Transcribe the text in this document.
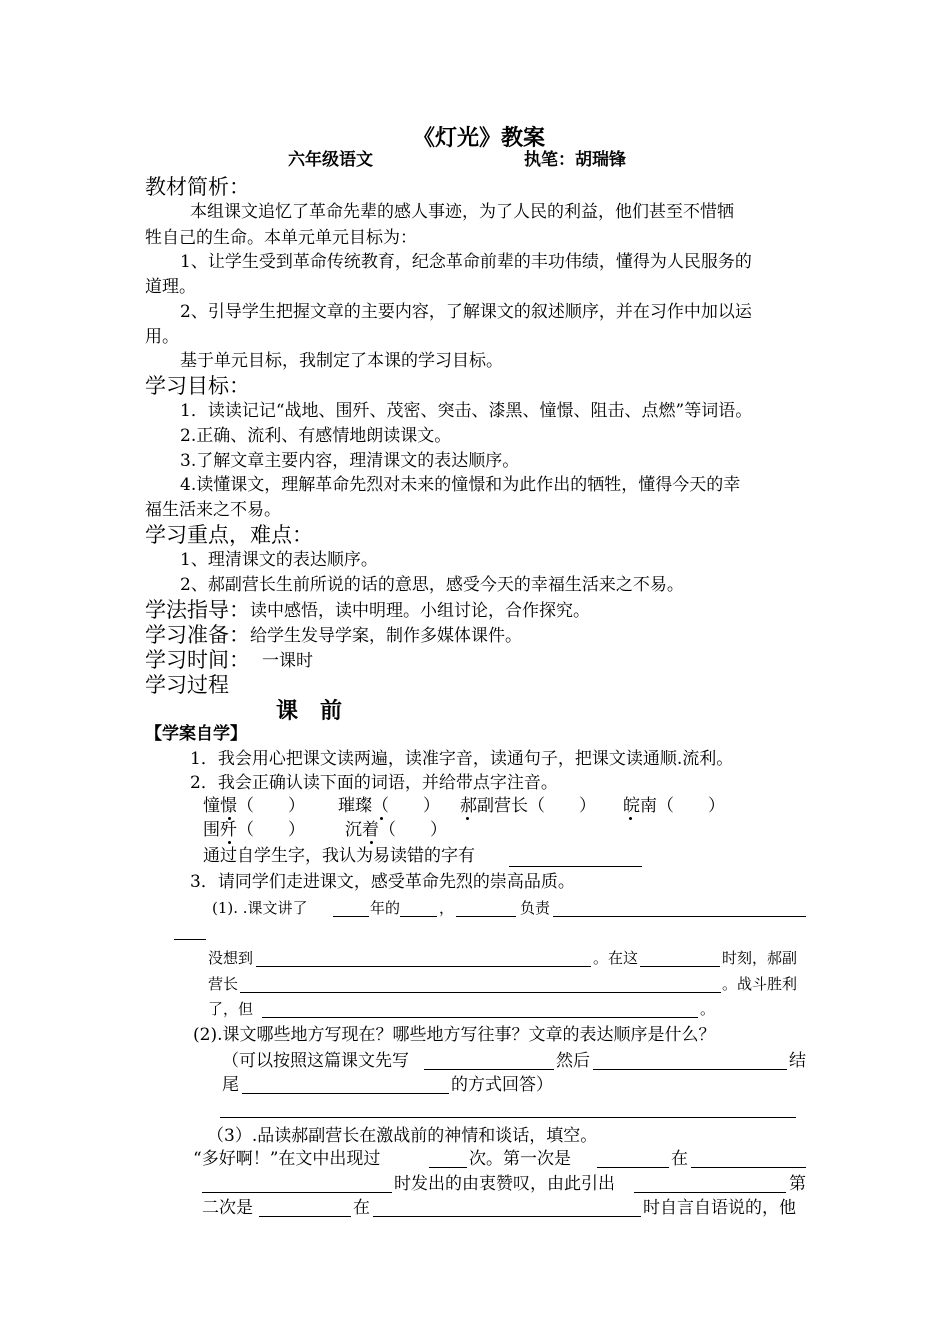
《灯光》教案
六年级语文	执笔：胡瑞锋
教材简析：
本组课文追忆了革命先辈的感人事迹，为了人民的利益，他们甚至不惜牺
牲自己的生命。本单元单元目标为：
1、让学生受到革命传统教育，纪念革命前辈的丰功伟绩，懂得为人民服务的
道理。
2、引导学生把握文章的主要内容，了解课文的叙述顺序，并在习作中加以运
用。
基于单元目标，我制定了本课的学习目标。
学习目标：
1．读读记记“战地、围歼、茂密、突击、漆黑、憧憬、阻击、点燃”等词语。
2.正确、流利、有感情地朗读课文。
3.了解文章主要内容，理清课文的表达顺序。
4.读懂课文，理解革命先烈对未来的憧憬和为此作出的牺牲，懂得今天的幸
福生活来之不易。
学习重点，难点：
1、理清课文的表达顺序。
2、郝副营长生前所说的话的意思，感受今天的幸福生活来之不易。
学法指导： 读中感悟，读中明理。小组讨论，合作探究。
学习准备： 给学生发导学案，制作多媒体课件。
学习时间： 一课时
学习过程
课　前
【学案自学】
1．我会用心把课文读两遍，读准字音，读通句子，把课文读通顺.流利。
2．我会正确认读下面的词语，并给带点字注音。
憧憬（　　） 璀璨（　　） 郝副营长（　　） 皖南（　　）
围歼（　　） 沉着（　　）
通过自学生字，我认为易读错的字有
3．请同学们走进课文，感受革命先烈的崇高品质。
(1). .课文讲了	年的	，	负责
没想到	。在这	时刻，郝副
营长	。战斗胜利
了，但	。
(2).课文哪些地方写现在？哪些地方写往事？文章的表达顺序是什么？
（可以按照这篇课文先写	然后	结
尾	的方式回答）
（3）.品读郝副营长在激战前的神情和谈话，填空。
“多好啊！”在文中出现过	次。第一次是	在
时发出的由衷赞叹，由此引出	第
二次是	在	时自言自语说的，他
